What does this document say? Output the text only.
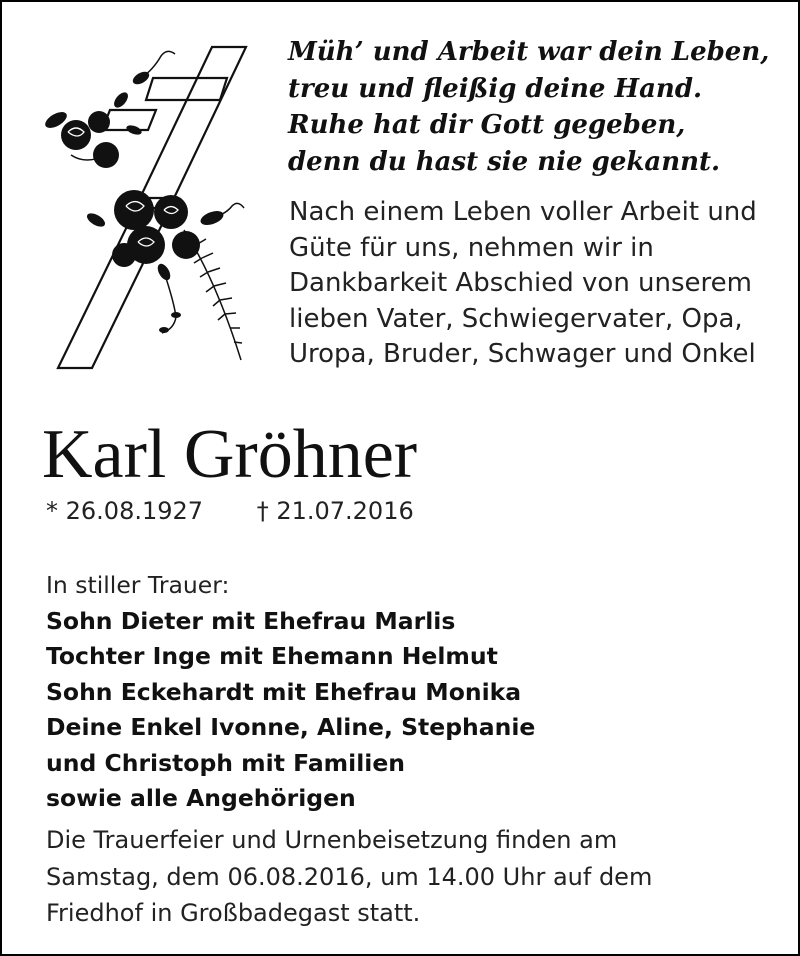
Müh’ und Arbeit war dein Leben,
treu und fleißig deine Hand.
Ruhe hat dir Gott gegeben,
denn du hast sie nie gekannt.
Nach einem Leben voller Arbeit und
Güte für uns, nehmen wir in
Dankbarkeit Abschied von unserem
lieben Vater, Schwiegervater, Opa,
Uropa, Bruder, Schwager und Onkel
Karl Gröhner
* 26.08.1927 † 21.07.2016
In stiller Trauer:
Sohn Dieter mit Ehefrau Marlis
Tochter Inge mit Ehemann Helmut
Sohn Eckehardt mit Ehefrau Monika
Deine Enkel Ivonne, Aline, Stephanie
und Christoph mit Familien
sowie alle Angehörigen
Die Trauerfeier und Urnenbeisetzung finden am
Samstag, dem 06.08.2016, um 14.00 Uhr auf dem
Friedhof in Großbadegast statt.
